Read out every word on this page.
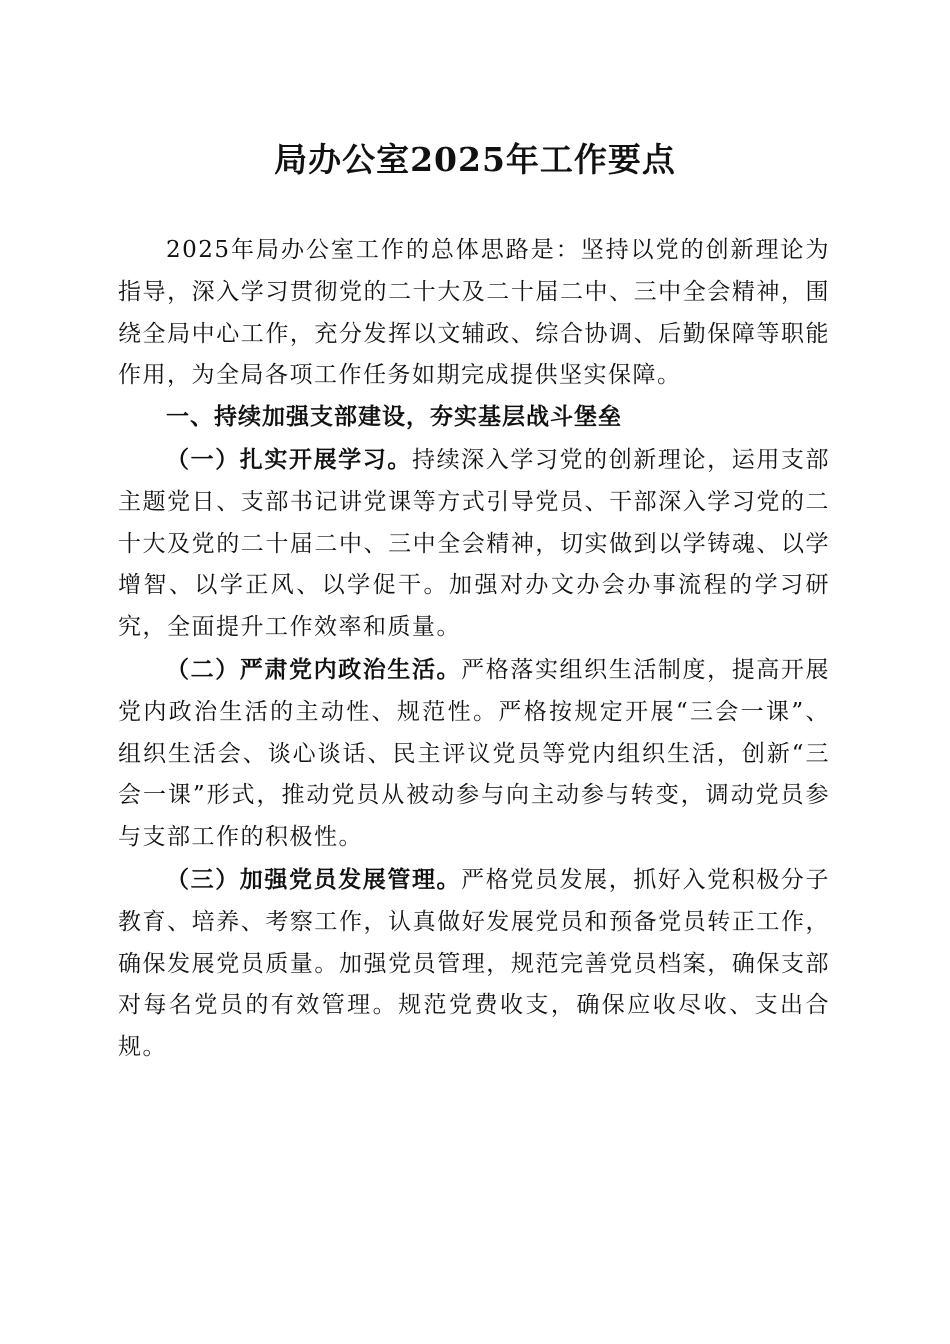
局办公室2025年工作要点

2025年局办公室工作的总体思路是：坚持以党的创新理论为指导，深入学习贯彻党的二十大及二十届二中、三中全会精神，围绕全局中心工作，充分发挥以文辅政、综合协调、后勤保障等职能作用，为全局各项工作任务如期完成提供坚实保障。

一、持续加强支部建设，夯实基层战斗堡垒

（一）扎实开展学习。持续深入学习党的创新理论，运用支部主题党日、支部书记讲党课等方式引导党员、干部深入学习党的二十大及党的二十届二中、三中全会精神，切实做到以学铸魂、以学增智、以学正风、以学促干。加强对办文办会办事流程的学习研究，全面提升工作效率和质量。

（二）严肃党内政治生活。严格落实组织生活制度，提高开展党内政治生活的主动性、规范性。严格按规定开展“三会一课”、组织生活会、谈心谈话、民主评议党员等党内组织生活，创新“三会一课”形式，推动党员从被动参与向主动参与转变，调动党员参与支部工作的积极性。

（三）加强党员发展管理。严格党员发展，抓好入党积极分子教育、培养、考察工作，认真做好发展党员和预备党员转正工作，确保发展党员质量。加强党员管理，规范完善党员档案，确保支部对每名党员的有效管理。规范党费收支，确保应收尽收、支出合规。
